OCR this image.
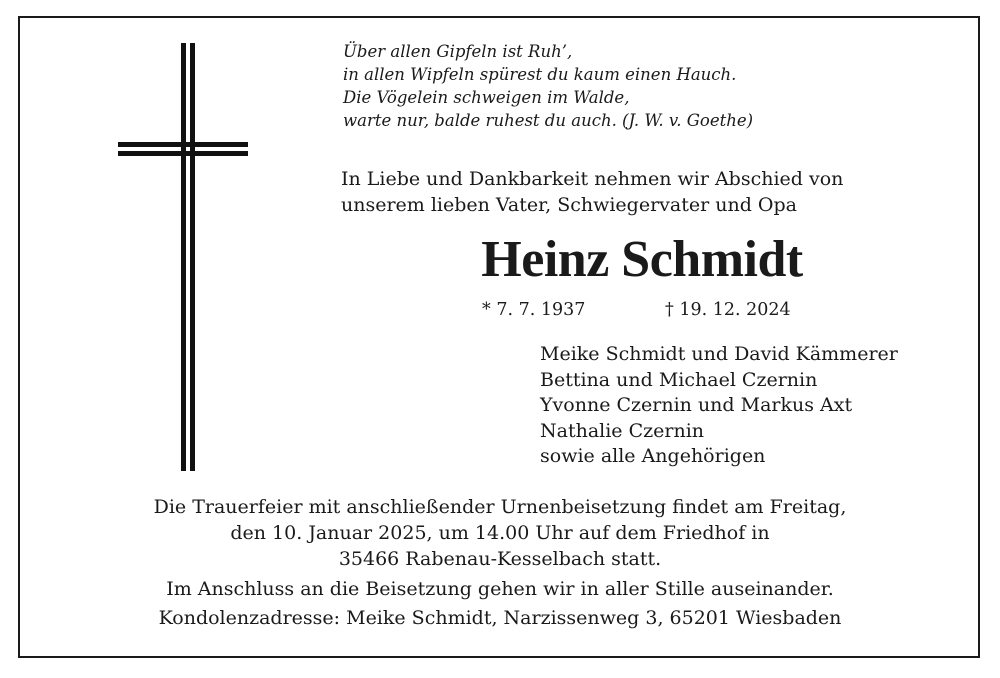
Über allen Gipfeln ist Ruh’,
in allen Wipfeln spürest du kaum einen Hauch.
Die Vögelein schweigen im Walde,
warte nur, balde ruhest du auch. (J. W. v. Goethe)
In Liebe und Dankbarkeit nehmen wir Abschied von
unserem lieben Vater, Schwiegervater und Opa
Heinz Schmidt
* 7. 7. 1937	† 19. 12. 2024
Meike Schmidt und David Kämmerer
Bettina und Michael Czernin
Yvonne Czernin und Markus Axt
Nathalie Czernin
sowie alle Angehörigen
Die Trauerfeier mit anschließender Urnenbeisetzung findet am Freitag,
den 10. Januar 2025, um 14.00 Uhr auf dem Friedhof in
35466 Rabenau-Kesselbach statt.
Im Anschluss an die Beisetzung gehen wir in aller Stille auseinander.
Kondolenzadresse: Meike Schmidt, Narzissenweg 3, 65201 Wiesbaden
